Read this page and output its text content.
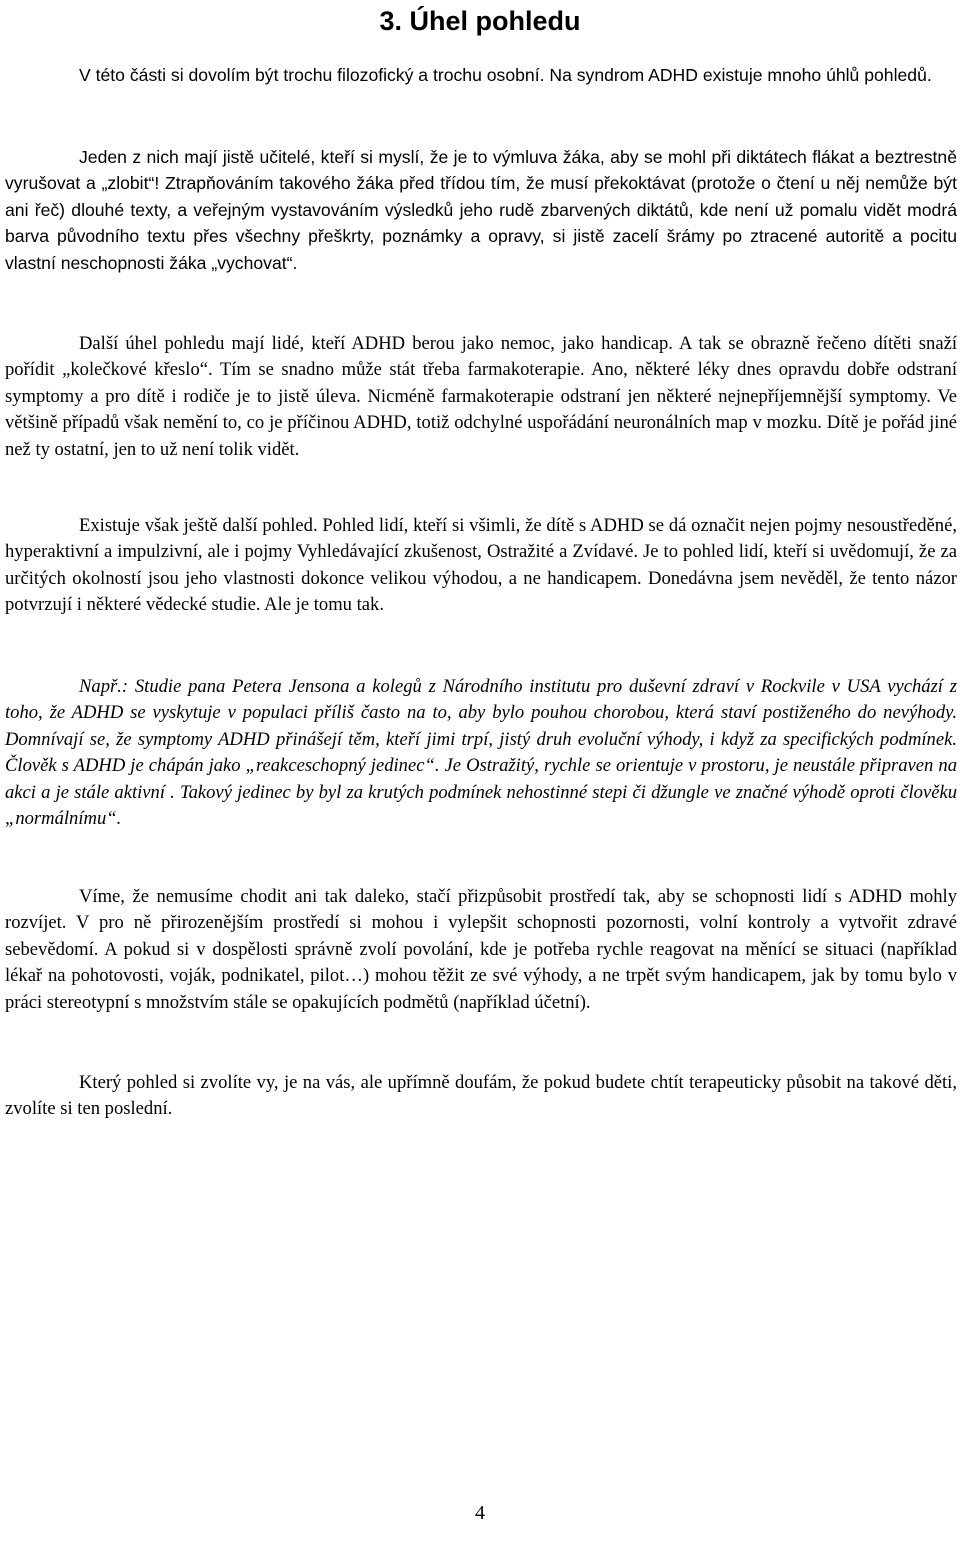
3. Úhel pohledu

V této části si dovolím být trochu filozofický a trochu osobní. Na syndrom ADHD existuje mnoho úhlů pohledů.

Jeden z nich mají jistě učitelé, kteří si myslí, že je to výmluva žáka, aby se mohl při diktátech flákat a beztrestně vyrušovat a „zlobit“! Ztrapňováním takového žáka před třídou tím, že musí překoktávat (protože o čtení u něj nemůže být ani řeč) dlouhé texty, a veřejným vystavováním výsledků jeho rudě zbarvených diktátů, kde není už pomalu vidět modrá barva původního textu přes všechny přeškrty, poznámky a opravy, si jistě zacelí šrámy po ztracené autoritě a pocitu vlastní neschopnosti žáka „vychovat“.

Další úhel pohledu mají lidé, kteří ADHD berou jako nemoc, jako handicap. A tak se obrazně řečeno dítěti snaží pořídit „kolečkové křeslo“. Tím se snadno může stát třeba farmakoterapie. Ano, některé léky dnes opravdu dobře odstraní symptomy a pro dítě i rodiče je to jistě úleva. Nicméně farmakoterapie odstraní jen některé nejnepříjemnější symptomy. Ve většině případů však nemění to, co je příčinou ADHD, totiž odchylné uspořádání neuronálních map v mozku. Dítě je pořád jiné než ty ostatní, jen to už není tolik vidět.

Existuje však ještě další pohled. Pohled lidí, kteří si všimli, že dítě s ADHD se dá označit nejen pojmy nesoustředěné, hyperaktivní a impulzivní, ale i pojmy Vyhledávající zkušenost, Ostražité a Zvídavé. Je to pohled lidí, kteří si uvědomují, že za určitých okolností jsou jeho vlastnosti dokonce velikou výhodou, a ne handicapem. Donedávna jsem nevěděl, že tento názor potvrzují i některé vědecké studie. Ale je tomu tak.

Např.: Studie pana Petera Jensona a kolegů z Národního institutu pro duševní zdraví v Rockvile v USA vychází z toho, že ADHD se vyskytuje v populaci příliš často na to, aby bylo pouhou chorobou, která staví postiženého do nevýhody. Domnívají se, že symptomy ADHD přinášejí těm, kteří jimi trpí, jistý druh evoluční výhody, i když za specifických podmínek. Člověk s ADHD je chápán jako „reakceschopný jedinec“. Je Ostražitý, rychle se orientuje v prostoru, je neustále připraven na akci a je stále aktivní . Takový jedinec by byl za krutých podmínek nehostinné stepi či džungle ve značné výhodě oproti člověku „normálnímu“.

Víme, že nemusíme chodit ani tak daleko, stačí přizpůsobit prostředí tak, aby se schopnosti lidí s ADHD mohly rozvíjet. V pro ně přirozenějším prostředí si mohou i vylepšit schopnosti pozornosti, volní kontroly a vytvořit zdravé sebevědomí. A pokud si v dospělosti správně zvolí povolání, kde je potřeba rychle reagovat na měnící se situaci (například lékař na pohotovosti, voják, podnikatel, pilot…) mohou těžit ze své výhody, a ne trpět svým handicapem, jak by tomu bylo v práci stereotypní s množstvím stále se opakujících podmětů (například účetní).

Který pohled si zvolíte vy, je na vás, ale upřímně doufám, že pokud budete chtít terapeuticky působit na takové děti, zvolíte si ten poslední.

4
